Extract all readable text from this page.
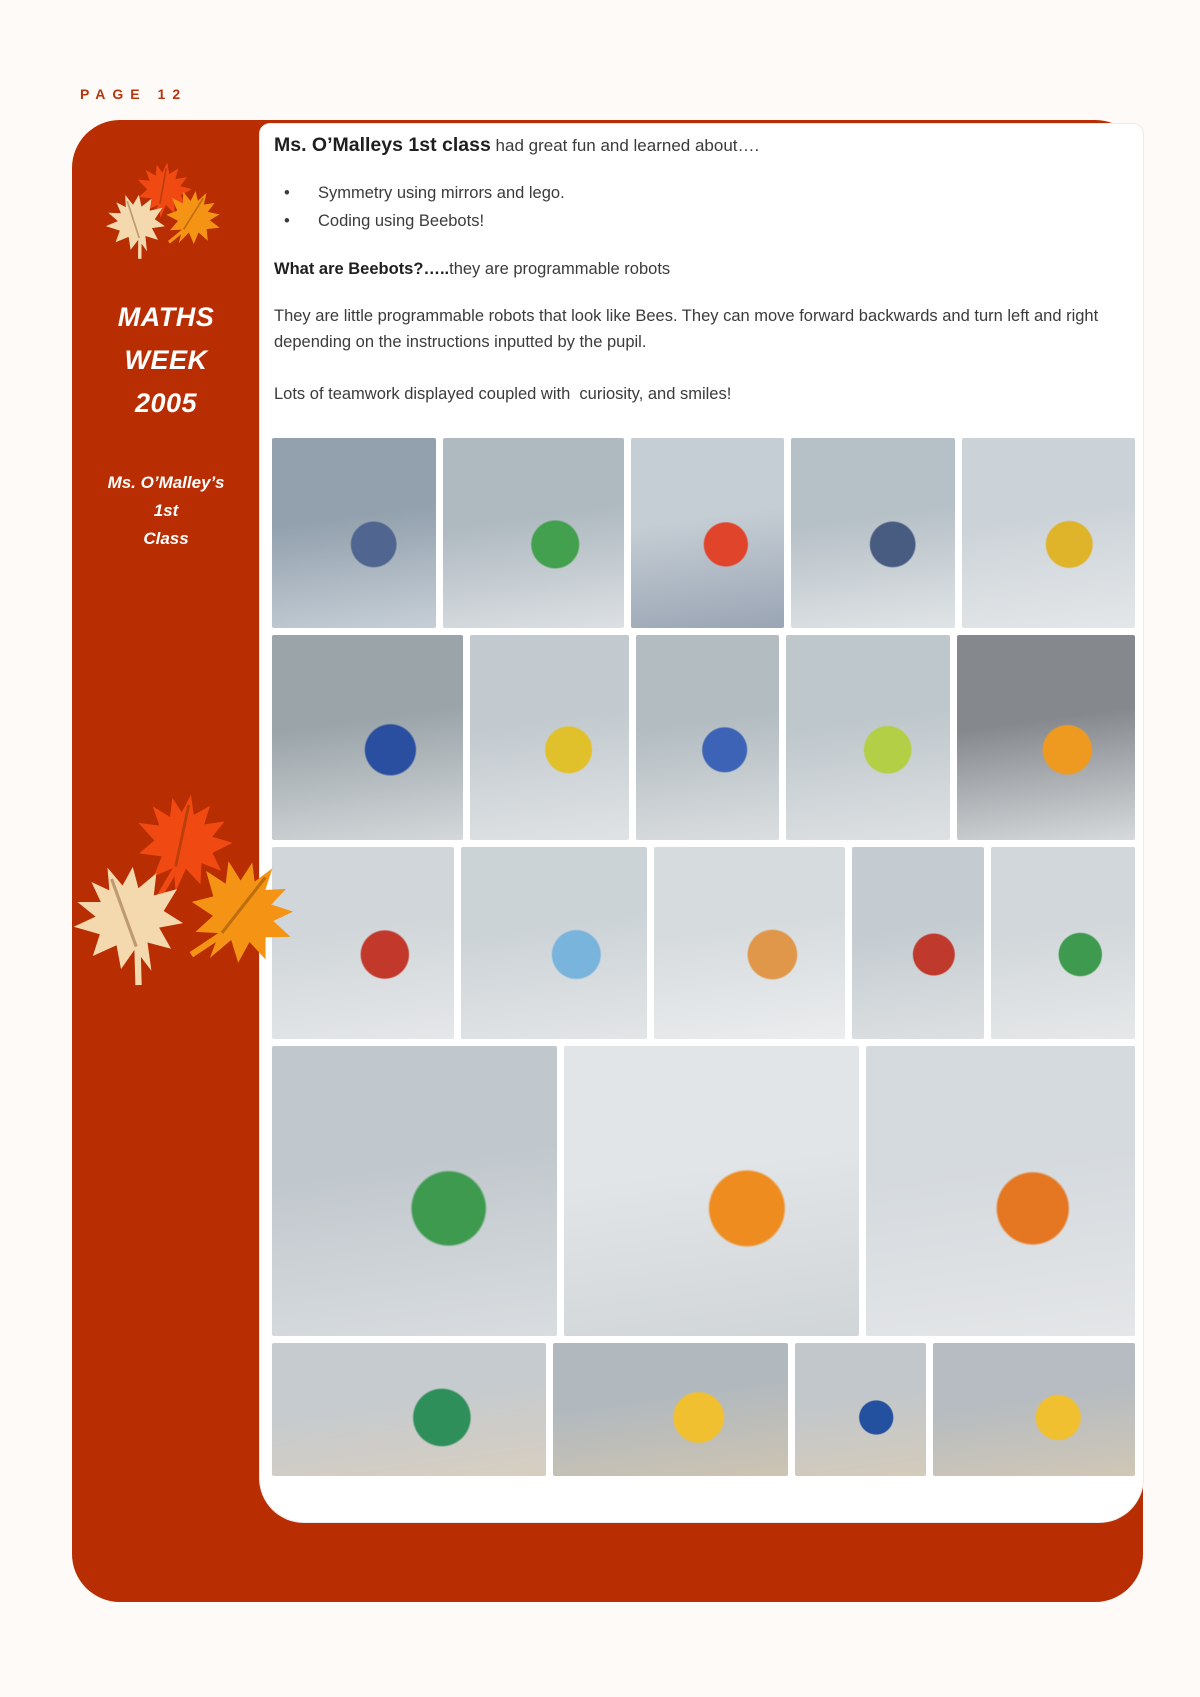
PAGE 12
MATHS
WEEK
2005
Ms. O’Malley’s
1st
Class

Ms. O’Malleys 1st class had great fun and learned about….

• Symmetry using mirrors and lego.
• Coding using Beebots!

What are Beebots?…..they are programmable robots

They are little programmable robots that look like Bees. They can move forward backwards and turn left and right depending on the instructions inputted by the pupil.

Lots of teamwork displayed coupled with  curiosity, and smiles!
